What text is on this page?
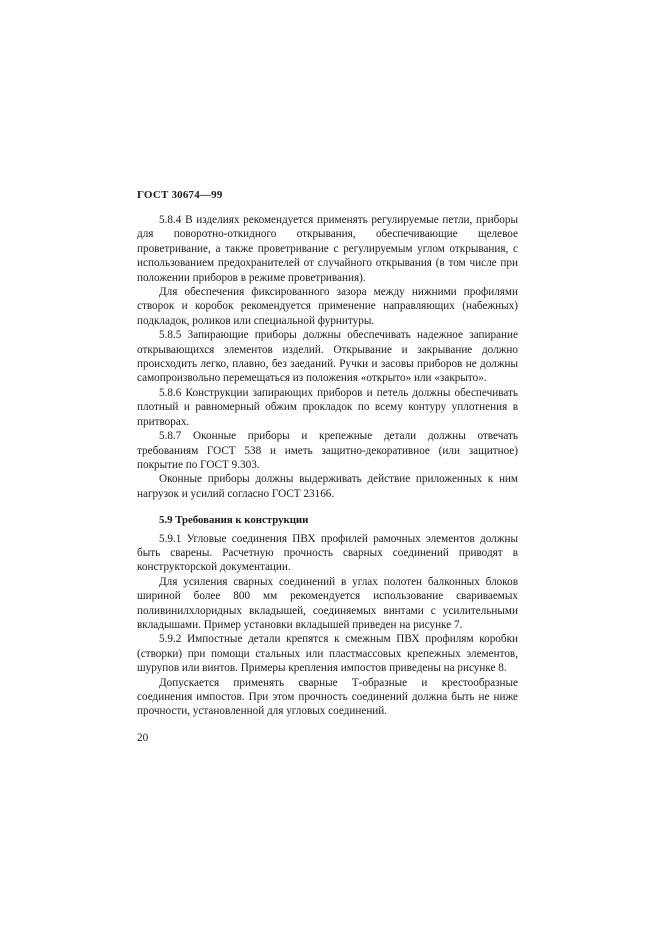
ГОСТ 30674—99

5.8.4 В изделиях рекомендуется применять регулируемые петли, приборы для поворотно-откидного открывания, обеспечивающие щелевое проветривание, а также проветривание с регулируемым углом открывания, с использованием предохранителей от случайного открывания (в том числе при положении приборов в режиме проветривания).

Для обеспечения фиксированного зазора между нижними профилями створок и коробок рекомендуется применение направляющих (набежных) подкладок, роликов или специальной фурнитуры.

5.8.5 Запирающие приборы должны обеспечивать надежное запирание открывающихся элементов изделий. Открывание и закрывание должно происходить легко, плавно, без заеданий. Ручки и засовы приборов не должны самопроизвольно перемещаться из положения «открыто» или «закрыто».

5.8.6 Конструкции запирающих приборов и петель должны обеспечивать плотный и равномерный обжим прокладок по всему контуру уплотнения в притворах.

5.8.7 Оконные приборы и крепежные детали должны отвечать требованиям ГОСТ 538 и иметь защитно-декоративное (или защитное) покрытие по ГОСТ 9.303.

Оконные приборы должны выдерживать действие приложенных к ним нагрузок и усилий согласно ГОСТ 23166.

5.9 Требования к конструкции

5.9.1 Угловые соединения ПВХ профилей рамочных элементов должны быть сварены. Расчетную прочность сварных соединений приводят в конструкторской документации.

Для усиления сварных соединений в углах полотен балконных блоков шириной более 800 мм рекомендуется использование свариваемых поливинилхлоридных вкладышей, соединяемых винтами с усилительными вкладышами. Пример установки вкладышей приведен на рисунке 7.

5.9.2 Импостные детали крепятся к смежным ПВХ профилям коробки (створки) при помощи стальных или пластмассовых крепежных элементов, шурупов или винтов. Примеры крепления импостов приведены на рисунке 8.

Допускается применять сварные Т-образные и крестообразные соединения импостов. При этом прочность соединений должна быть не ниже прочности, установленной для угловых соединений.

20
